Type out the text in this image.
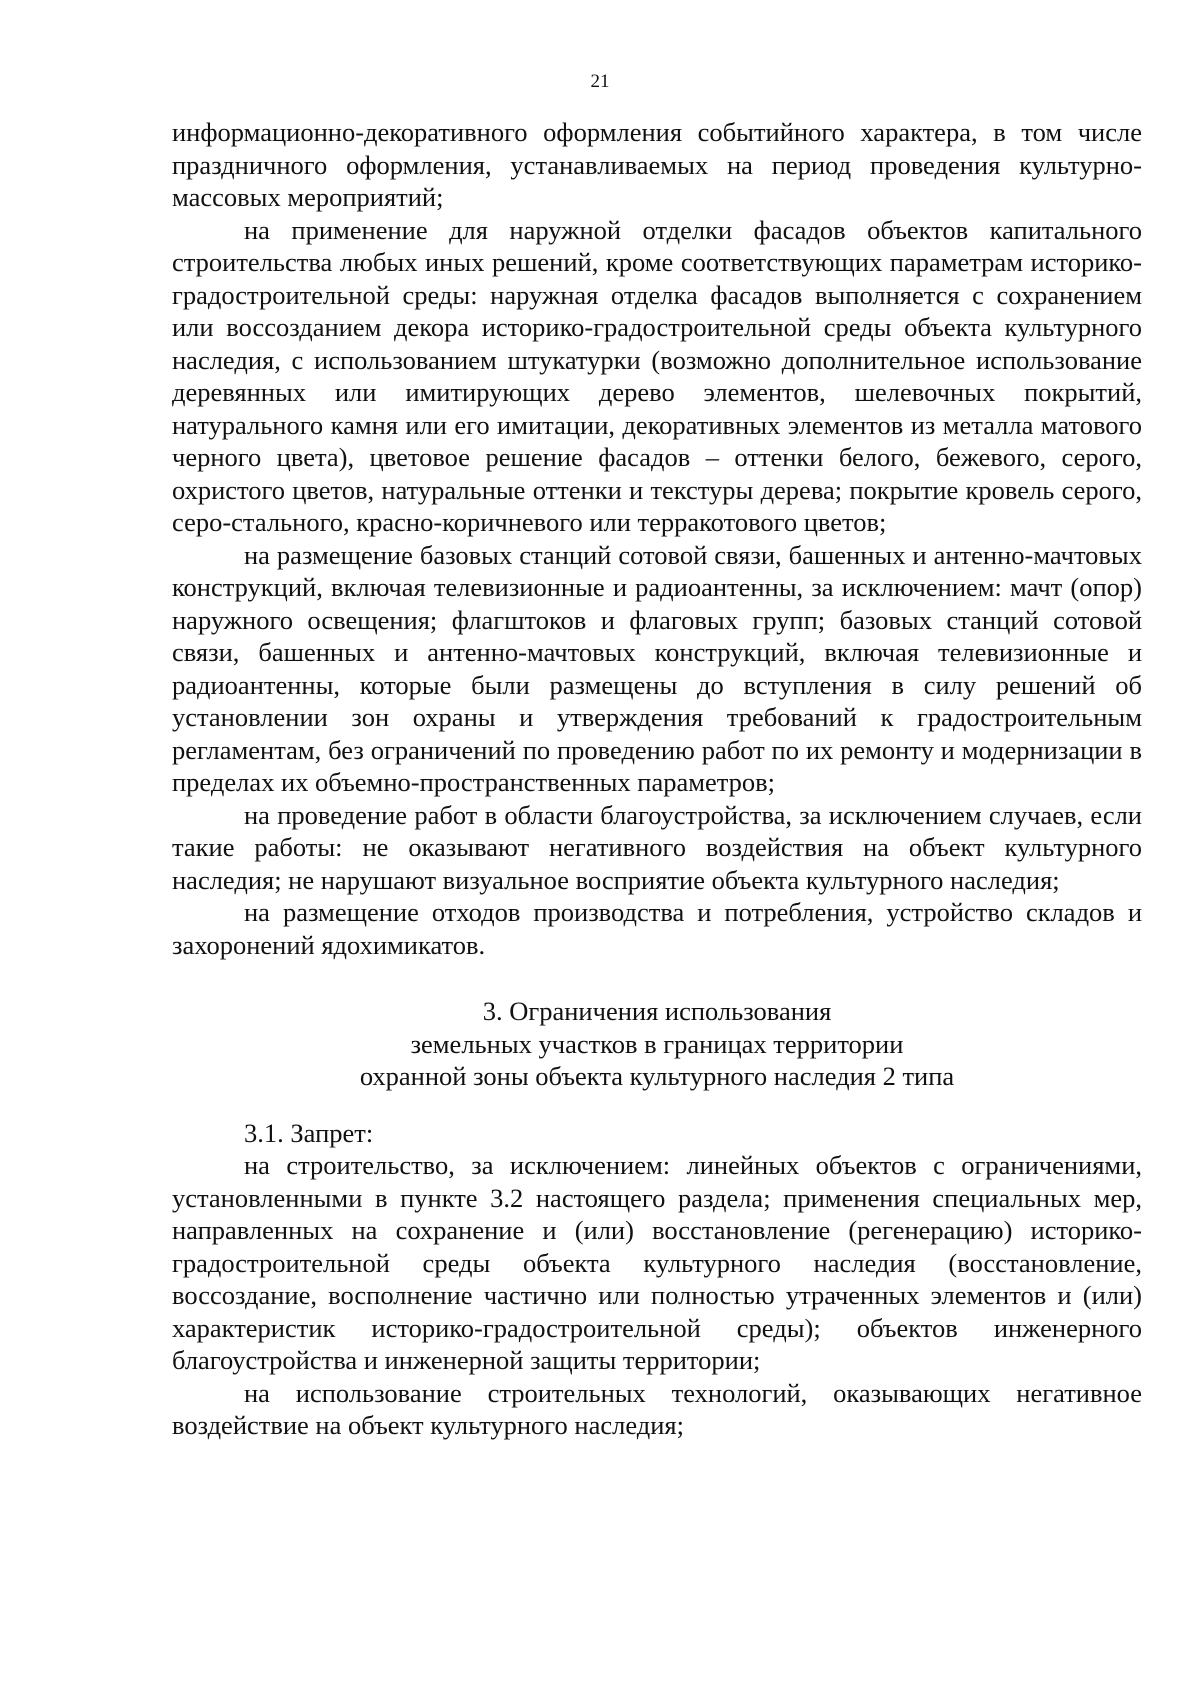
21

информационно-декоративного оформления событийного характера, в том числе праздничного оформления, устанавливаемых на период проведения культурно-массовых мероприятий;

на применение для наружной отделки фасадов объектов капитального строительства любых иных решений, кроме соответствующих параметрам историко-градостроительной среды: наружная отделка фасадов выполняется с сохранением или воссозданием декора историко-градостроительной среды объекта культурного наследия, с использованием штукатурки (возможно дополнительное использование деревянных или имитирующих дерево элементов, шелевочных покрытий, натурального камня или его имитации, декоративных элементов из металла матового черного цвета), цветовое решение фасадов – оттенки белого, бежевого, серого, охристого цветов, натуральные оттенки и текстуры дерева; покрытие кровель серого, серо-стального, красно-коричневого или терракотового цветов;

на размещение базовых станций сотовой связи, башенных и антенно-мачтовых конструкций, включая телевизионные и радиоантенны, за исключением: мачт (опор) наружного освещения; флагштоков и флаговых групп; базовых станций сотовой связи, башенных и антенно-мачтовых конструкций, включая телевизионные и радиоантенны, которые были размещены до вступления в силу решений об установлении зон охраны и утверждения требований к градостроительным регламентам, без ограничений по проведению работ по их ремонту и модернизации в пределах их объемно-пространственных параметров;

на проведение работ в области благоустройства, за исключением случаев, если такие работы: не оказывают негативного воздействия на объект культурного наследия; не нарушают визуальное восприятие объекта культурного наследия;

на размещение отходов производства и потребления, устройство складов и захоронений ядохимикатов.

3. Ограничения использования
земельных участков в границах территории
охранной зоны объекта культурного наследия 2 типа

3.1. Запрет:

на строительство, за исключением: линейных объектов с ограничениями, установленными в пункте 3.2 настоящего раздела; применения специальных мер, направленных на сохранение и (или) восстановление (регенерацию) историко-градостроительной среды объекта культурного наследия (восстановление, воссоздание, восполнение частично или полностью утраченных элементов и (или) характеристик историко-градостроительной среды); объектов инженерного благоустройства и инженерной защиты территории;

на использование строительных технологий, оказывающих негативное воздействие на объект культурного наследия;
